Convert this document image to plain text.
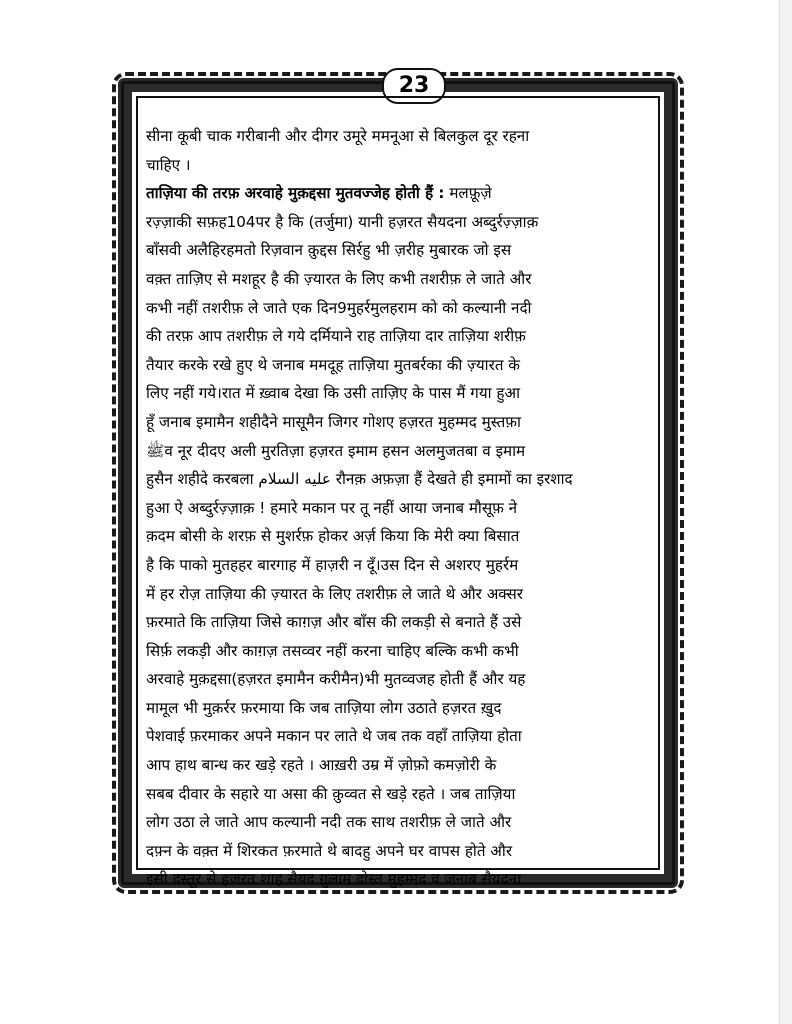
23
सीना कूबी चाक गरीबानी और दीगर उमूरे ममनूआ से बिलकुल दूर रहना
चाहिए ।
ताज़िया की तरफ़ अरवाहे मुक़द्दसा मुतवज्जेह होती हैं : मलफ़ूज़े
रज़्ज़ाकी सफ़ह104पर है कि (तर्जुमा) यानी हज़रत सैयदना अब्दुर्रज़्ज़ाक़
बाँसवी अलैहिरहमतो रिज़वान क़ुद्दस सिर्रहु भी ज़रीह मुबारक जो इस
वक़्त ताज़िए से मशहूर है की ज़्यारत के लिए कभी तशरीफ़ ले जाते और
कभी नहीं तशरीफ़ ले जाते एक दिन9मुहर्रमुलहराम को को कल्यानी नदी
की तरफ़ आप तशरीफ़ ले गये दर्मियाने राह ताज़िया दार ताज़िया शरीफ़
तैयार करके रखे हुए थे जनाब ममदूह ताज़िया मुतबर्रका की ज़्यारत के
लिए नहीं गये।रात में ख़्वाब देखा कि उसी ताज़िए के पास मैं गया हुआ
हूँ जनाब इमामैन शहीदैने मासूमैन जिगर गोशए हज़रत मुहम्मद मुस्तफ़ा
ﷺव नूर दीदए अली मुरतिज़ा हज़रत इमाम हसन अलमुजतबा व इमाम
हुसैन शहीदे करबला عليه السلام रौनक़ अफ़ज़ा हैं देखते ही इमामों का इरशाद
हुआ ऐ अब्दुर्रज़्ज़ाक़ ! हमारे मकान पर तू नहीं आया जनाब मौसूफ़ ने
क़दम बोसी के शरफ़ से मुशर्रफ़ होकर अर्ज़ किया कि मेरी क्या बिसात
है कि पाको मुतहहर बारगाह में हाज़री न दूँ।उस दिन से अशरए मुहर्रम
में हर रोज़ ताज़िया की ज़्यारत के लिए तशरीफ़ ले जाते थे और अक्सर
फ़रमाते कि ताज़िया जिसे काग़ज़ और बाँस की लकड़ी से बनाते हैं उसे
सिर्फ़ लकड़ी और काग़ज़ तसव्वर नहीं करना चाहिए बल्कि कभी कभी
अरवाहे मुक़द्दसा(हज़रत इमामैन करीमैन)भी मुतव्वजह होती हैं और यह
मामूल भी मुक़र्रर फ़रमाया कि जब ताज़िया लोग उठाते हज़रत ख़ुद
पेशवाई फ़रमाकर अपने मकान पर लाते थे जब तक वहाँ ताज़िया होता
आप हाथ बान्ध कर खड़े रहते । आख़री उम्र में ज़ोफ़ो कमज़ोरी के
सबब दीवार के सहारे या असा की क़ुव्वत से खड़े रहते । जब ताज़िया
लोग उठा ले जाते आप कल्यानी नदी तक साथ तशरीफ़ ले जाते और
दफ़्न के वक़्त में शिरकत फ़रमाते थे बादहु अपने घर वापस होते और
इसी दस्तूर से हज़रत शाह सैयद ग़ुलाम दोस्त मुहम्मद व जनाब सैयदना
